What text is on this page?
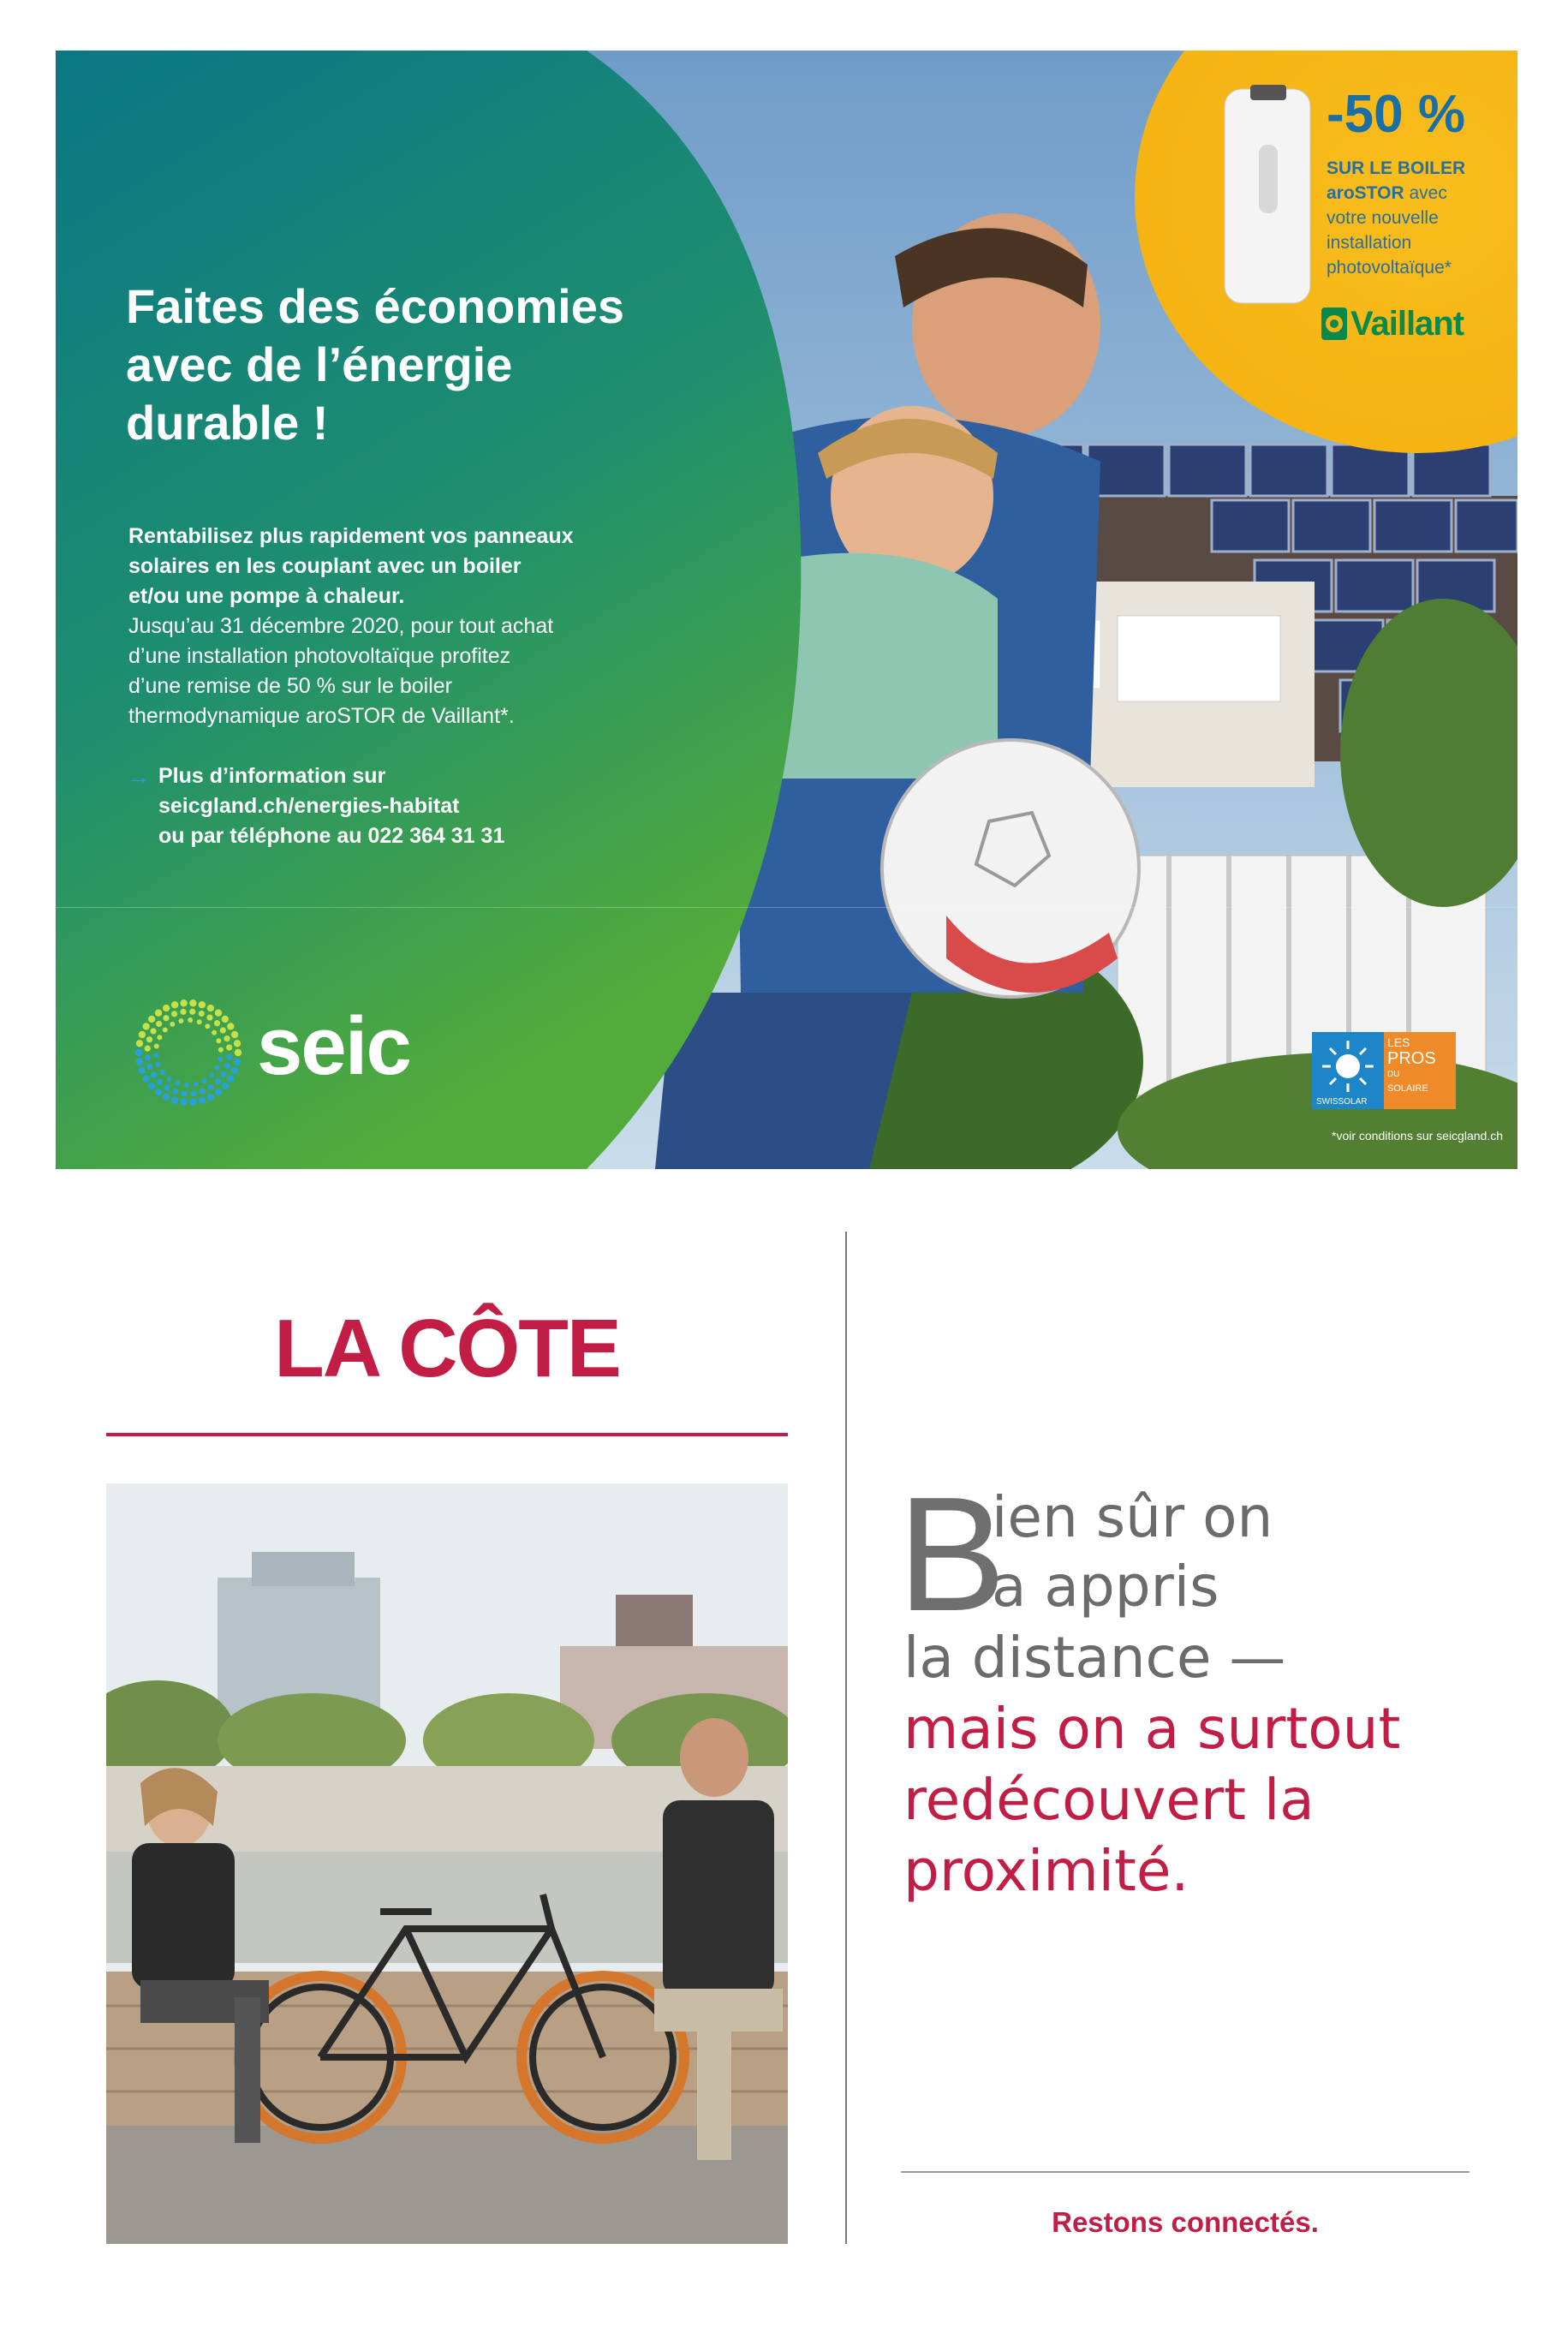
Faites des économies
avec de l’énergie
durable !
Rentabilisez plus rapidement vos panneaux
solaires en les couplant avec un boiler
et/ou une pompe à chaleur.
Jusqu’au 31 décembre 2020, pour tout achat
d’une installation photovoltaïque profitez
d’une remise de 50 % sur le boiler
thermodynamique aroSTOR de Vaillant*.
→ Plus d’information sur
seicgland.ch/energies-habitat
ou par téléphone au 022 364 31 31
seic
-50 %
SUR LE BOILER
aroSTOR avec
votre nouvelle
installation
photovoltaïque*
Vaillant
LES
PROS
DU
SOLAIRE
SWISSOLAR
*voir conditions sur seicgland.ch
LA CÔTE
B
ien sûr on
a appris
la distance —
mais on a surtout
redécouvert la
proximité.
Restons connectés.
